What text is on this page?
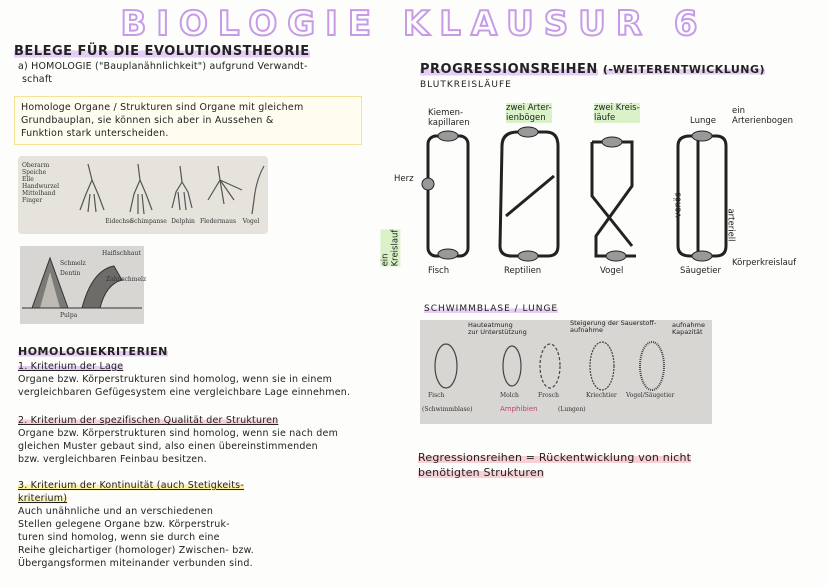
BIOLOGIE KLAUSUR 6
BELEGE FÜR DIE EVOLUTIONSTHEORIE
a) HOMOLOGIE ("Bauplanähnlichkeit") aufgrund Verwandt-
schaft
Homologe Organe / Strukturen sind Organe mit gleichem
Grundbauplan, sie können sich aber in Aussehen &
Funktion stark unterscheiden.
Oberarm
Speiche
Elle
Handwurzel
Mittelhand
Finger
Eidechse
Schimpanse Delphin Fledermaus	Vogel
Schmelz
Dentin
Haifischhaut
Zahnschmelz
Pulpa
HOMOLOGIEKRITERIEN
1. Kriterium der Lage
Organe bzw. Körperstrukturen sind homolog, wenn sie in einem
vergleichbaren Gefügesystem eine vergleichbare Lage einnehmen.
2. Kriterium der spezifischen Qualität der Strukturen
Organe bzw. Körperstrukturen sind homolog, wenn sie nach dem
gleichen Muster gebaut sind, also einen übereinstimmenden
bzw. vergleichbaren Feinbau besitzen.
3. Kriterium der Kontinuität (auch Stetigkeits-
kriterium)
Auch unähnliche und an verschiedenen
Stellen gelegene Organe bzw. Körperstruk-
turen sind homolog, wenn sie durch eine
Reihe gleichartiger (homologer) Zwischen- bzw.
Übergangsformen miteinander verbunden sind.
PROGRESSIONSREIHEN (-WEITERENTWICKLUNG)
BLUTKREISLÄUFE
Kiemen-
kapillaren
zwei Arter-
ienbögen
zwei Kreis-
läufe	Lunge
ein
Arterienbogen
Herz
venös
arteriell
ein
Kreislauf	Körperkreislauf
Fisch	Reptilien	Vogel	Säugetier
SCHWIMMBLASE / LUNGE
Hauteatmung
zur Unterstützung
Steigerung der Sauerstoff-
aufnahme
aufnahme
Kapazität
Fisch	Molch	Frosch	Kriechtier Vogel/Säugetier
(Schwimmblase)	Amphibien	(Lungen)
Regressionsreihen = Rückentwicklung von nicht
benötigten Strukturen
